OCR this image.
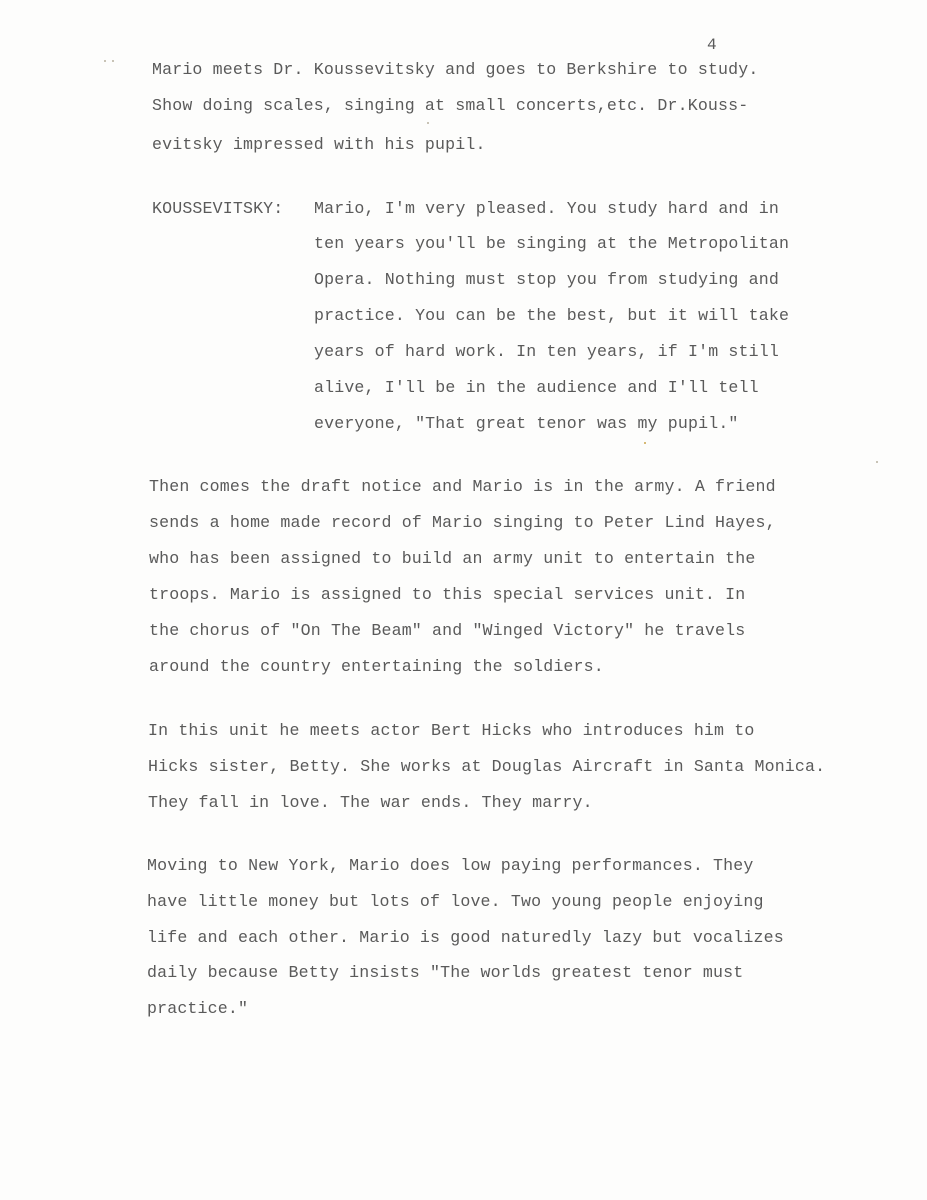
4
Mario meets Dr. Koussevitsky and goes to Berkshire to study.
Show doing scales, singing at small concerts,etc. Dr.Kouss-
evitsky impressed with his pupil.
KOUSSEVITSKY: Mario, I'm very pleased. You study hard and in
ten years you'll be singing at the Metropolitan
Opera. Nothing must stop you from studying and
practice. You can be the best, but it will take
years of hard work. In ten years, if I'm still
alive, I'll be in the audience and I'll tell
everyone, "That great tenor was my pupil."
Then comes the draft notice and Mario is in the army. A friend
sends a home made record of Mario singing to Peter Lind Hayes,
who has been assigned to build an army unit to entertain the
troops. Mario is assigned to this special services unit. In
the chorus of "On The Beam" and "Winged Victory" he travels
around the country entertaining the soldiers.
In this unit he meets actor Bert Hicks who introduces him to
Hicks sister, Betty. She works at Douglas Aircraft in Santa Monica.
They fall in love. The war ends. They marry.
Moving to New York, Mario does low paying performances. They
have little money but lots of love. Two young people enjoying
life and each other. Mario is good naturedly lazy but vocalizes
daily because Betty insists "The worlds greatest tenor must
practice."
